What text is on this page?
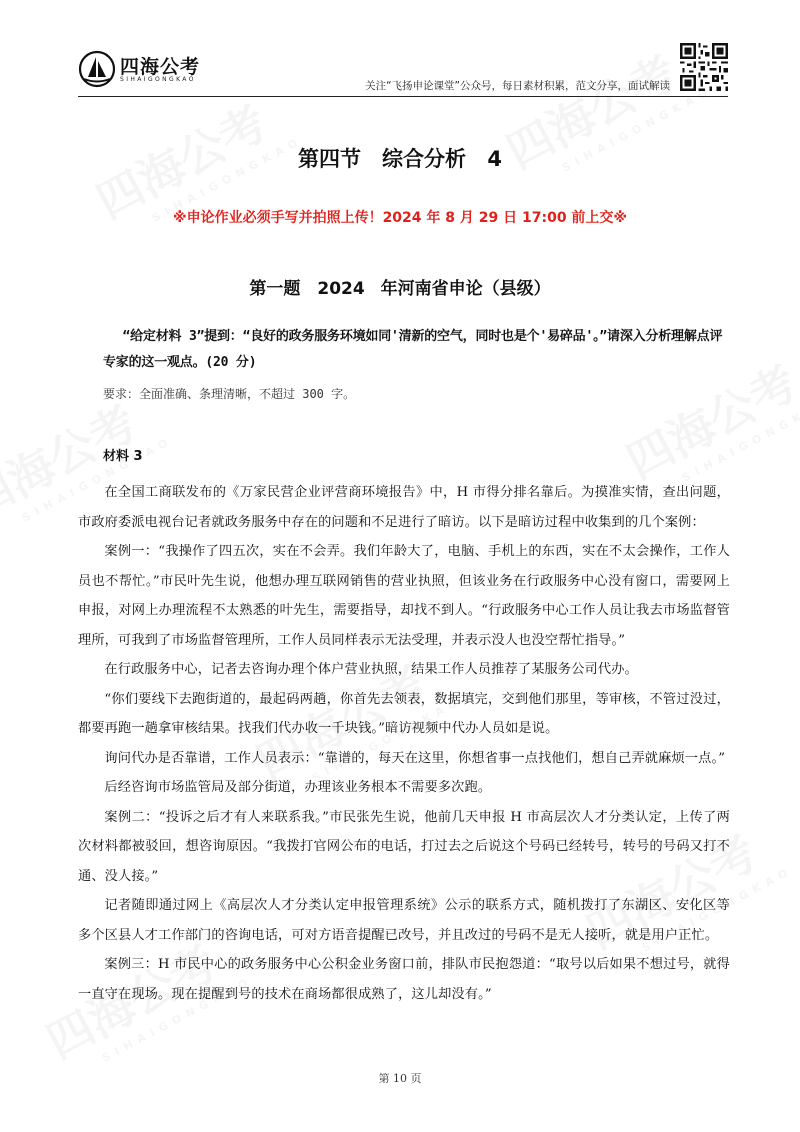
四海公考
SIHAIGONGKAO
关注“飞扬申论课堂”公众号，每日素材积累，范文分享，面试解读
第四节　综合分析 4
※申论作业必须手写并拍照上传！2024 年 8 月 29 日 17:00 前上交※
第一题　2024 年河南省申论（县级）
“给定材料 3”提到：“良好的政务服务环境如同'清新的空气，同时也是个'易碎品'。”请深入分析理解点评专家的这一观点。(20 分)
要求：全面准确、条理清晰，不超过 300 字。
材料 3

在全国工商联发布的《万家民营企业评营商环境报告》中，H 市得分排名靠后。为摸准实情，查出问题，市政府委派电视台记者就政务服务中存在的问题和不足进行了暗访。以下是暗访过程中收集到的几个案例：

案例一：“我操作了四五次，实在不会弄。我们年龄大了，电脑、手机上的东西，实在不太会操作，工作人员也不帮忙。”市民叶先生说，他想办理互联网销售的营业执照，但该业务在行政服务中心没有窗口，需要网上申报，对网上办理流程不太熟悉的叶先生，需要指导，却找不到人。“行政服务中心工作人员让我去市场监督管理所，可我到了市场监督管理所，工作人员同样表示无法受理，并表示没人也没空帮忙指导。”

在行政服务中心，记者去咨询办理个体户营业执照，结果工作人员推荐了某服务公司代办。

“你们要线下去跑街道的，最起码两趟，你首先去领表，数据填完，交到他们那里，等审核，不管过没过，都要再跑一趟拿审核结果。找我们代办收一千块钱。”暗访视频中代办人员如是说。

询问代办是否靠谱，工作人员表示：“靠谱的，每天在这里，你想省事一点找他们，想自己弄就麻烦一点。”

后经咨询市场监管局及部分街道，办理该业务根本不需要多次跑。

案例二：“投诉之后才有人来联系我。”市民张先生说，他前几天申报 H 市高层次人才分类认定，上传了两次材料都被驳回，想咨询原因。“我拨打官网公布的电话，打过去之后说这个号码已经转号，转号的号码又打不通、没人接。”

记者随即通过网上《高层次人才分类认定申报管理系统》公示的联系方式，随机拨打了东湖区、安化区等多个区县人才工作部门的咨询电话，可对方语音提醒已改号，并且改过的号码不是无人接听，就是用户正忙。

案例三：H 市民中心的政务服务中心公积金业务窗口前，排队市民抱怨道：“取号以后如果不想过号，就得一直守在现场。现在提醒到号的技术在商场都很成熟了，这儿却没有。”

第 10 页
